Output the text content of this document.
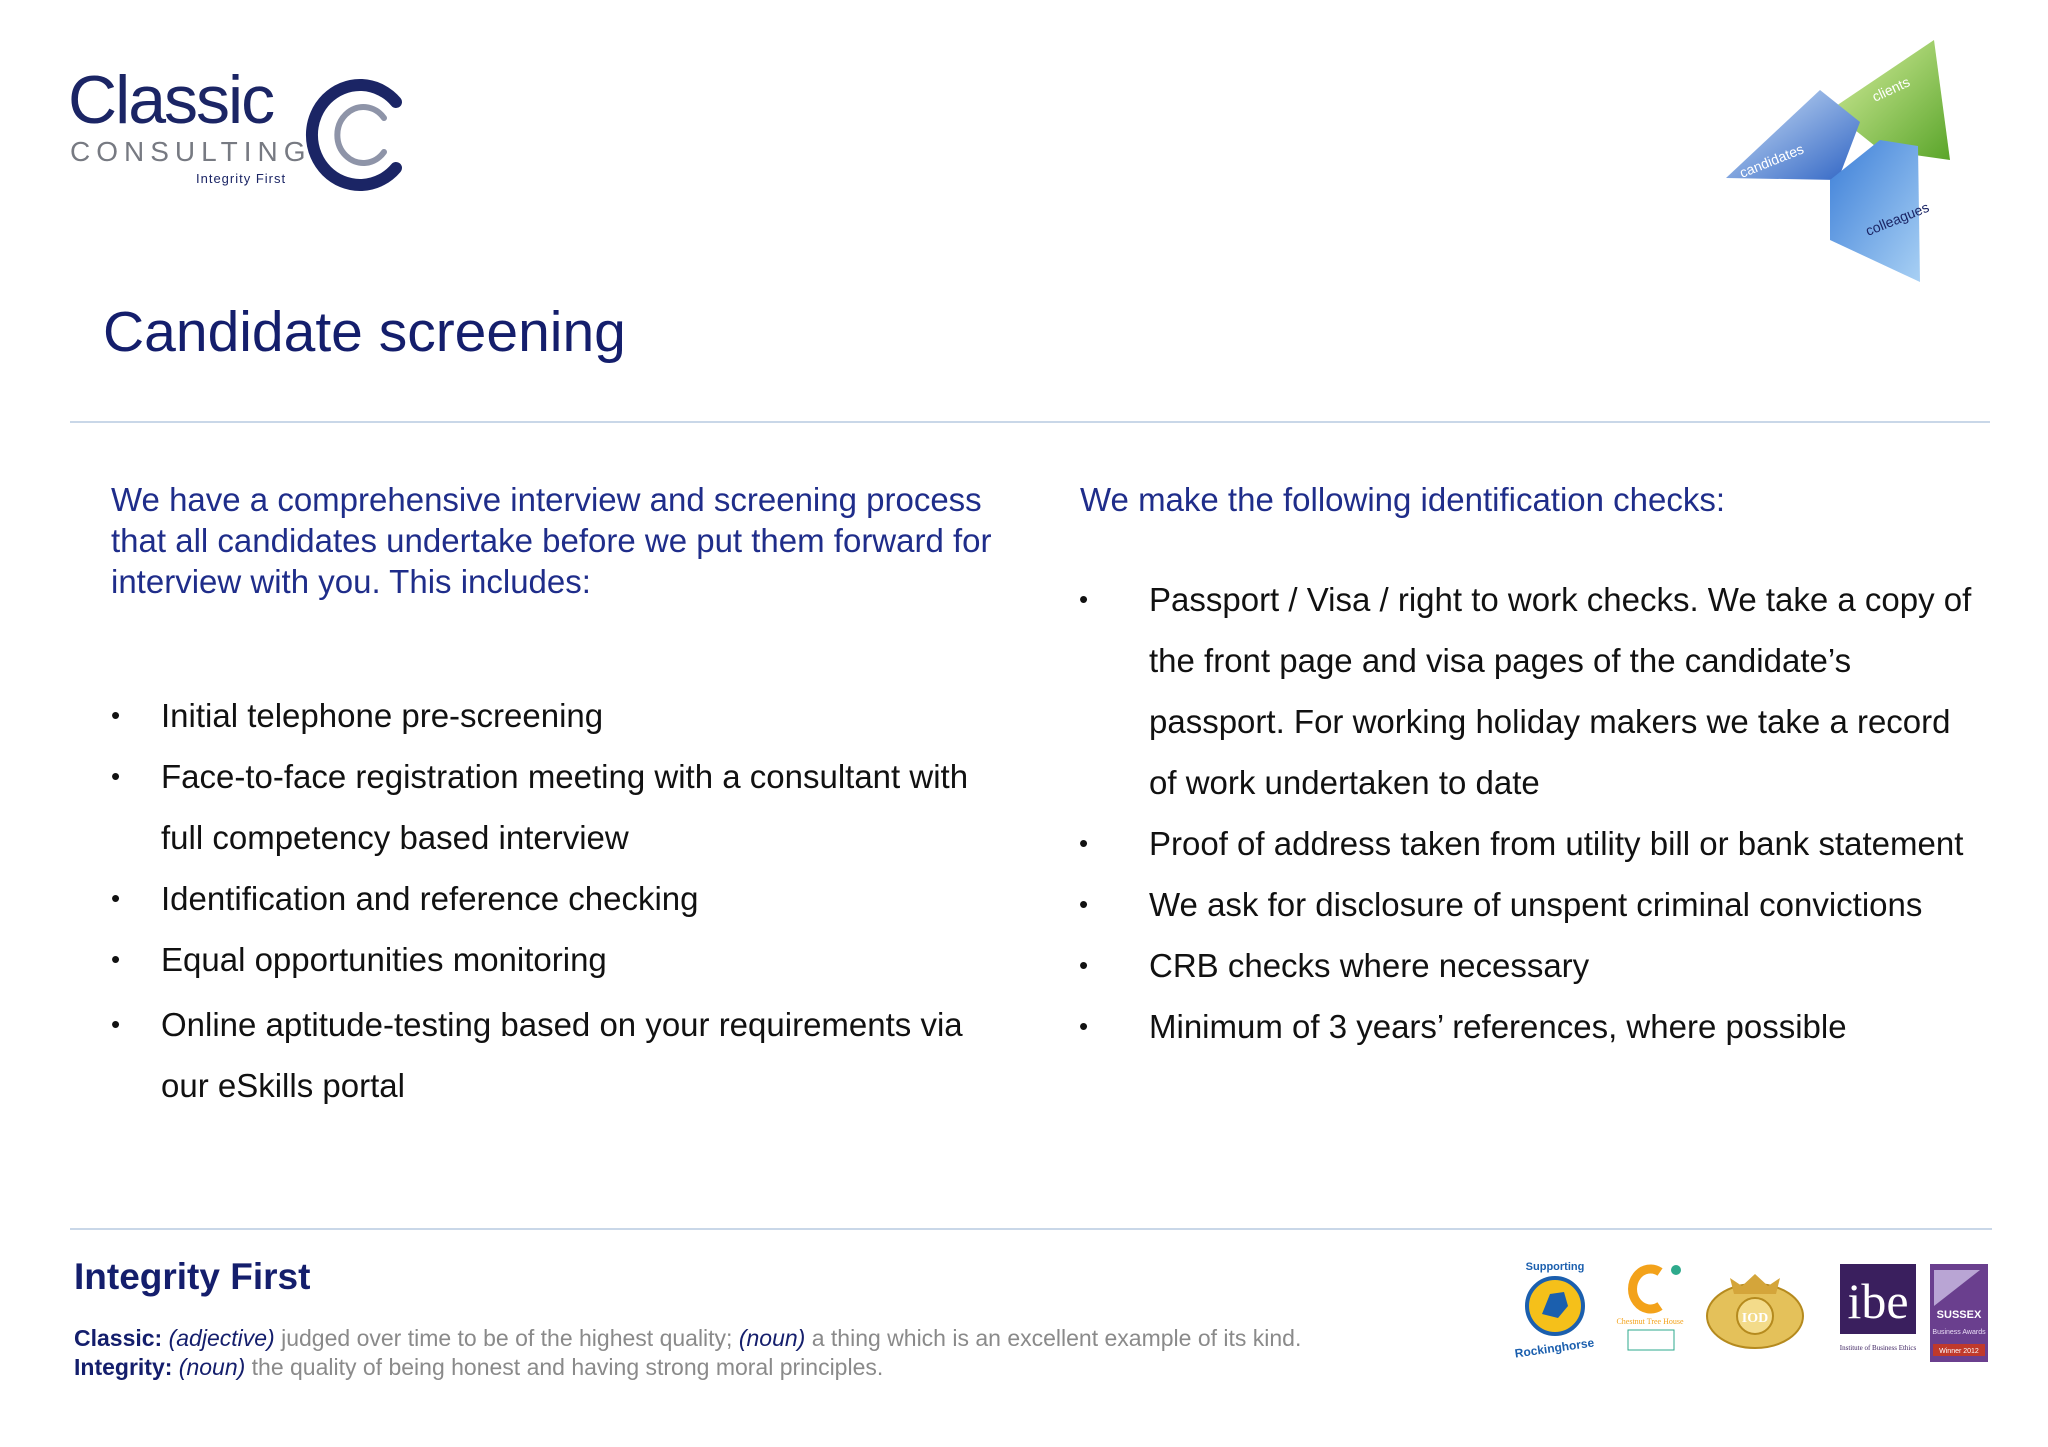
Classic
CONSULTING
Integrity First
clients
candidates
colleagues
Candidate screening
We have a comprehensive interview and screening process that all candidates undertake before we put them forward for interview with you. This includes:
• Initial telephone pre-screening
• Face-to-face registration meeting with a consultant with full competency based interview
• Identification and reference checking
• Equal opportunities monitoring
• Online aptitude-testing based on your requirements via our eSkills portal
We make the following identification checks:
• Passport / Visa / right to work checks. We take a copy of the front page and visa pages of the candidate’s passport. For working holiday makers we take a record of work undertaken to date
• Proof of address taken from utility bill or bank statement
• We ask for disclosure of unspent criminal convictions
• CRB checks where necessary
• Minimum of 3 years’ references, where possible
Integrity First
Classic: (adjective) judged over time to be of the highest quality; (noun) a thing which is an excellent example of its kind.
Integrity: (noun) the quality of being honest and having strong moral principles.
Supporting
Rockinghorse
Chestnut Tree House	IOD ibe
Institute of Business Ethics
SUSSEX
Business Awards
Winner 2012
